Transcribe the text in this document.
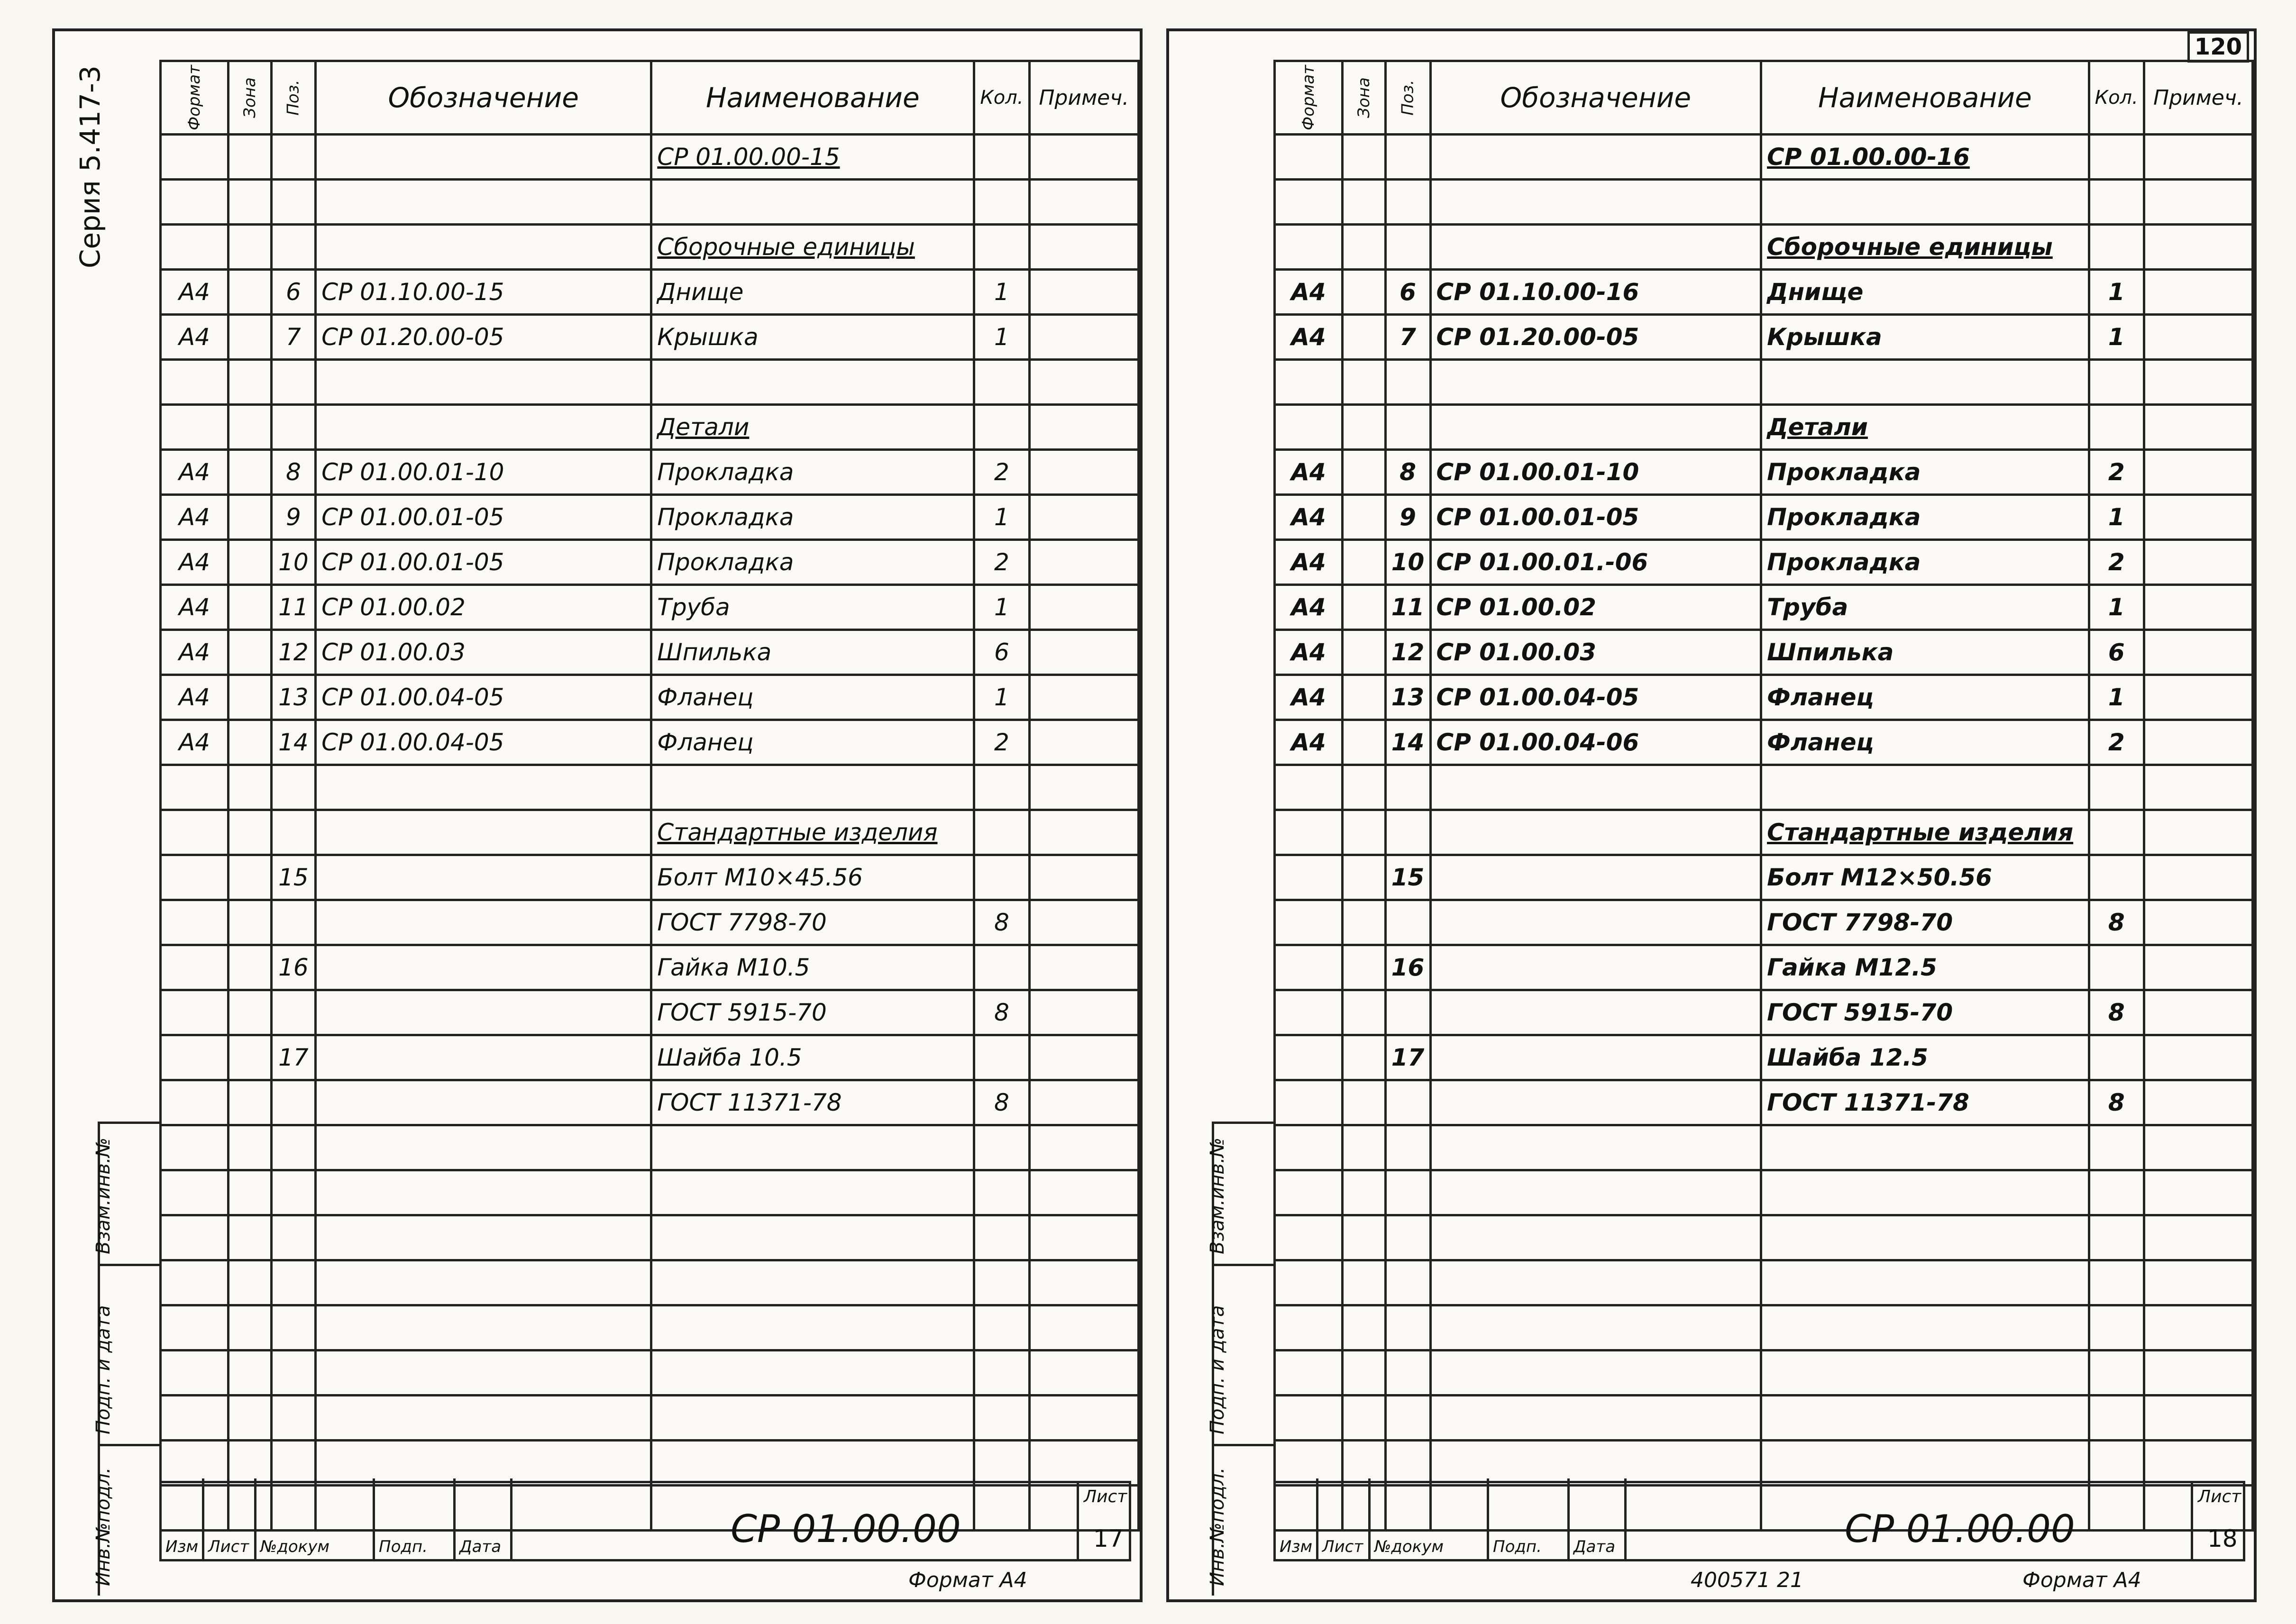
Серия 5.417-3	Формат	Зона	Поз.	Обозначение	Наименование	Кол.	Примеч.
				СР 01.00.00-15		

				Сборочные единицы		
А4		6	СР 01.10.00-15	Днище	1	
А4		7	СР 01.20.00-05	Крышка	1	

				Детали		
А4		8	СР 01.00.01-10	Прокладка	2	
А4		9	СР 01.00.01-05	Прокладка	1	
А4		10	СР 01.00.01-05	Прокладка	2	
А4		11	СР 01.00.02	Труба	1	
А4		12	СР 01.00.03	Шпилька	6	
А4		13	СР 01.00.04-05	Фланец	1	
А4		14	СР 01.00.04-05	Фланец	2	

				Стандартные изделия		
		15		Болт М10×45.56		
				ГОСТ 7798-70	8	
		16		Гайка М10.5		
				ГОСТ 5915-70	8	
		17		Шайба 10.5		
				ГОСТ 11371-78	8	

Изм Лист №докум	Подп. Дата	СР 01.00.00
Лист
17
Взам.инв.№
Подп. и дата
Инв.№подл.	Формат А4
120
Формат	Зона	Поз.	Обозначение	Наименование	Кол.	Примеч.
				СР 01.00.00-16		

				Сборочные единицы		
А4		6	СР 01.10.00-16	Днище	1	
А4		7	СР 01.20.00-05	Крышка	1	

				Детали		
А4		8	СР 01.00.01-10	Прокладка	2	
А4		9	СР 01.00.01-05	Прокладка	1	
А4		10	СР 01.00.01.-06	Прокладка	2	
А4		11	СР 01.00.02	Труба	1	
А4		12	СР 01.00.03	Шпилька	6	
А4		13	СР 01.00.04-05	Фланец	1	
А4		14	СР 01.00.04-06	Фланец	2	

				Стандартные изделия		
		15		Болт М12×50.56		
				ГОСТ 7798-70	8	
		16		Гайка М12.5		
				ГОСТ 5915-70	8	
		17		Шайба 12.5		
				ГОСТ 11371-78	8	

Изм Лист №докум	Подп. Дата	СР 01.00.00
Лист
18
Взам.инв.№
Подп. и дата
Инв.№подл.	400571 21	Формат А4
